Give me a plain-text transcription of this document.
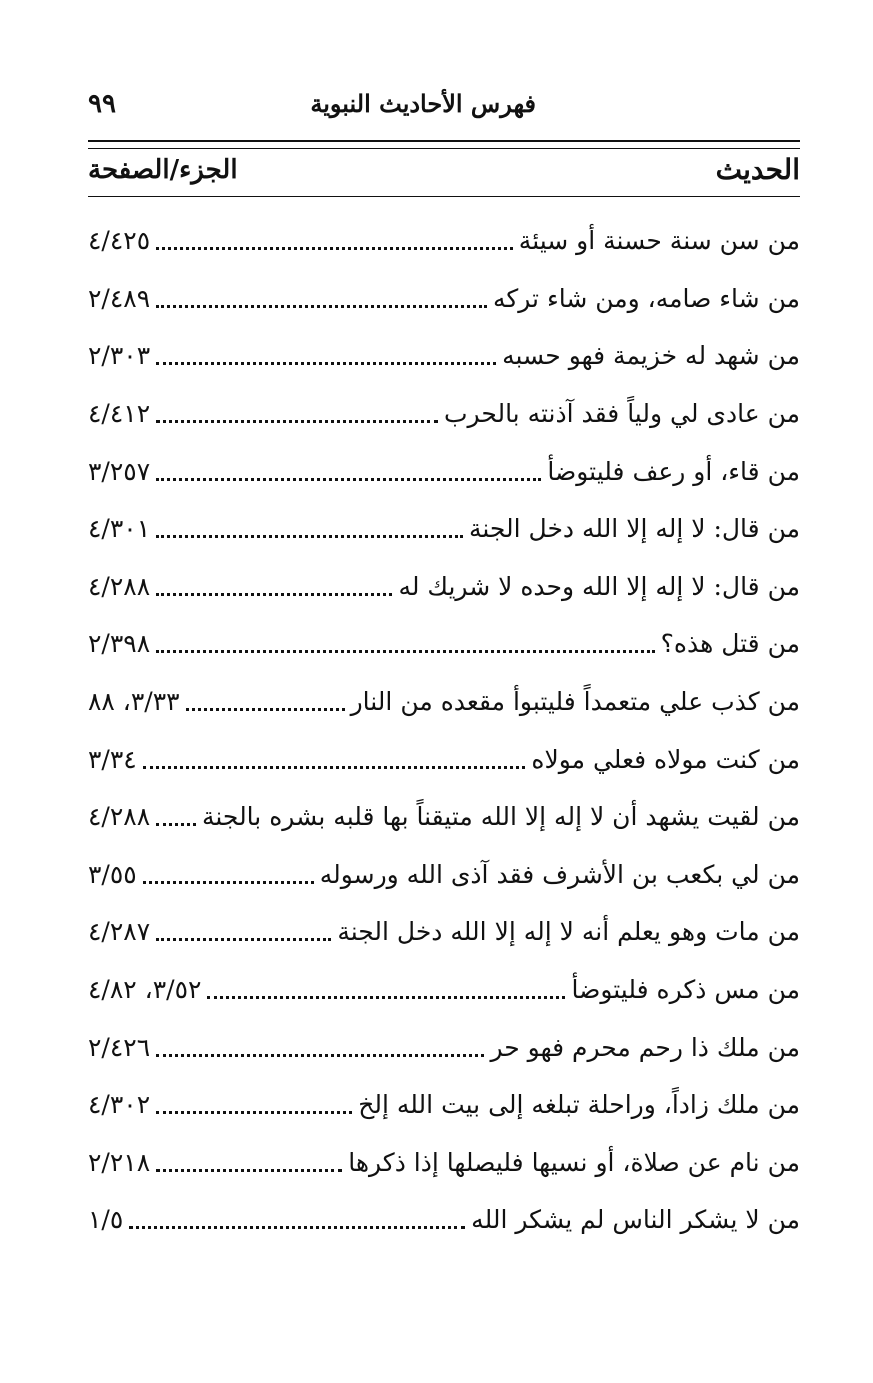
فهرس الأحاديث النبوية
٩٩
الحديث
الجزء/الصفحة
من سن سنة حسنة أو سيئة
٤/٤٢٥
من شاء صامه، ومن شاء تركه
٢/٤٨٩
من شهد له خزيمة فهو حسبه
٢/٣٠٣
من عادى لي ولياً فقد آذنته بالحرب
٤/٤١٢
من قاء، أو رعف فليتوضأ
٣/٢٥٧
من قال: لا إله إلا الله دخل الجنة
٤/٣٠١
من قال: لا إله إلا الله وحده لا شريك له
٤/٢٨٨
من قتل هذه؟
٢/٣٩٨
من كذب علي متعمداً فليتبوأ مقعده من النار
٣/٣٣، ٨٨
من كنت مولاه فعلي مولاه
٣/٣٤
من لقيت يشهد أن لا إله إلا الله متيقناً بها قلبه بشره بالجنة
٤/٢٨٨
من لي بكعب بن الأشرف فقد آذى الله ورسوله
٣/٥٥
من مات وهو يعلم أنه لا إله إلا الله دخل الجنة
٤/٢٨٧
من مس ذكره فليتوضأ
٣/٥٢، ٤/٨٢
من ملك ذا رحم محرم فهو حر
٢/٤٢٦
من ملك زاداً، وراحلة تبلغه إلى بيت الله إلخ
٤/٣٠٢
من نام عن صلاة، أو نسيها فليصلها إذا ذكرها
٢/٢١٨
من لا يشكر الناس لم يشكر الله
١/٥
